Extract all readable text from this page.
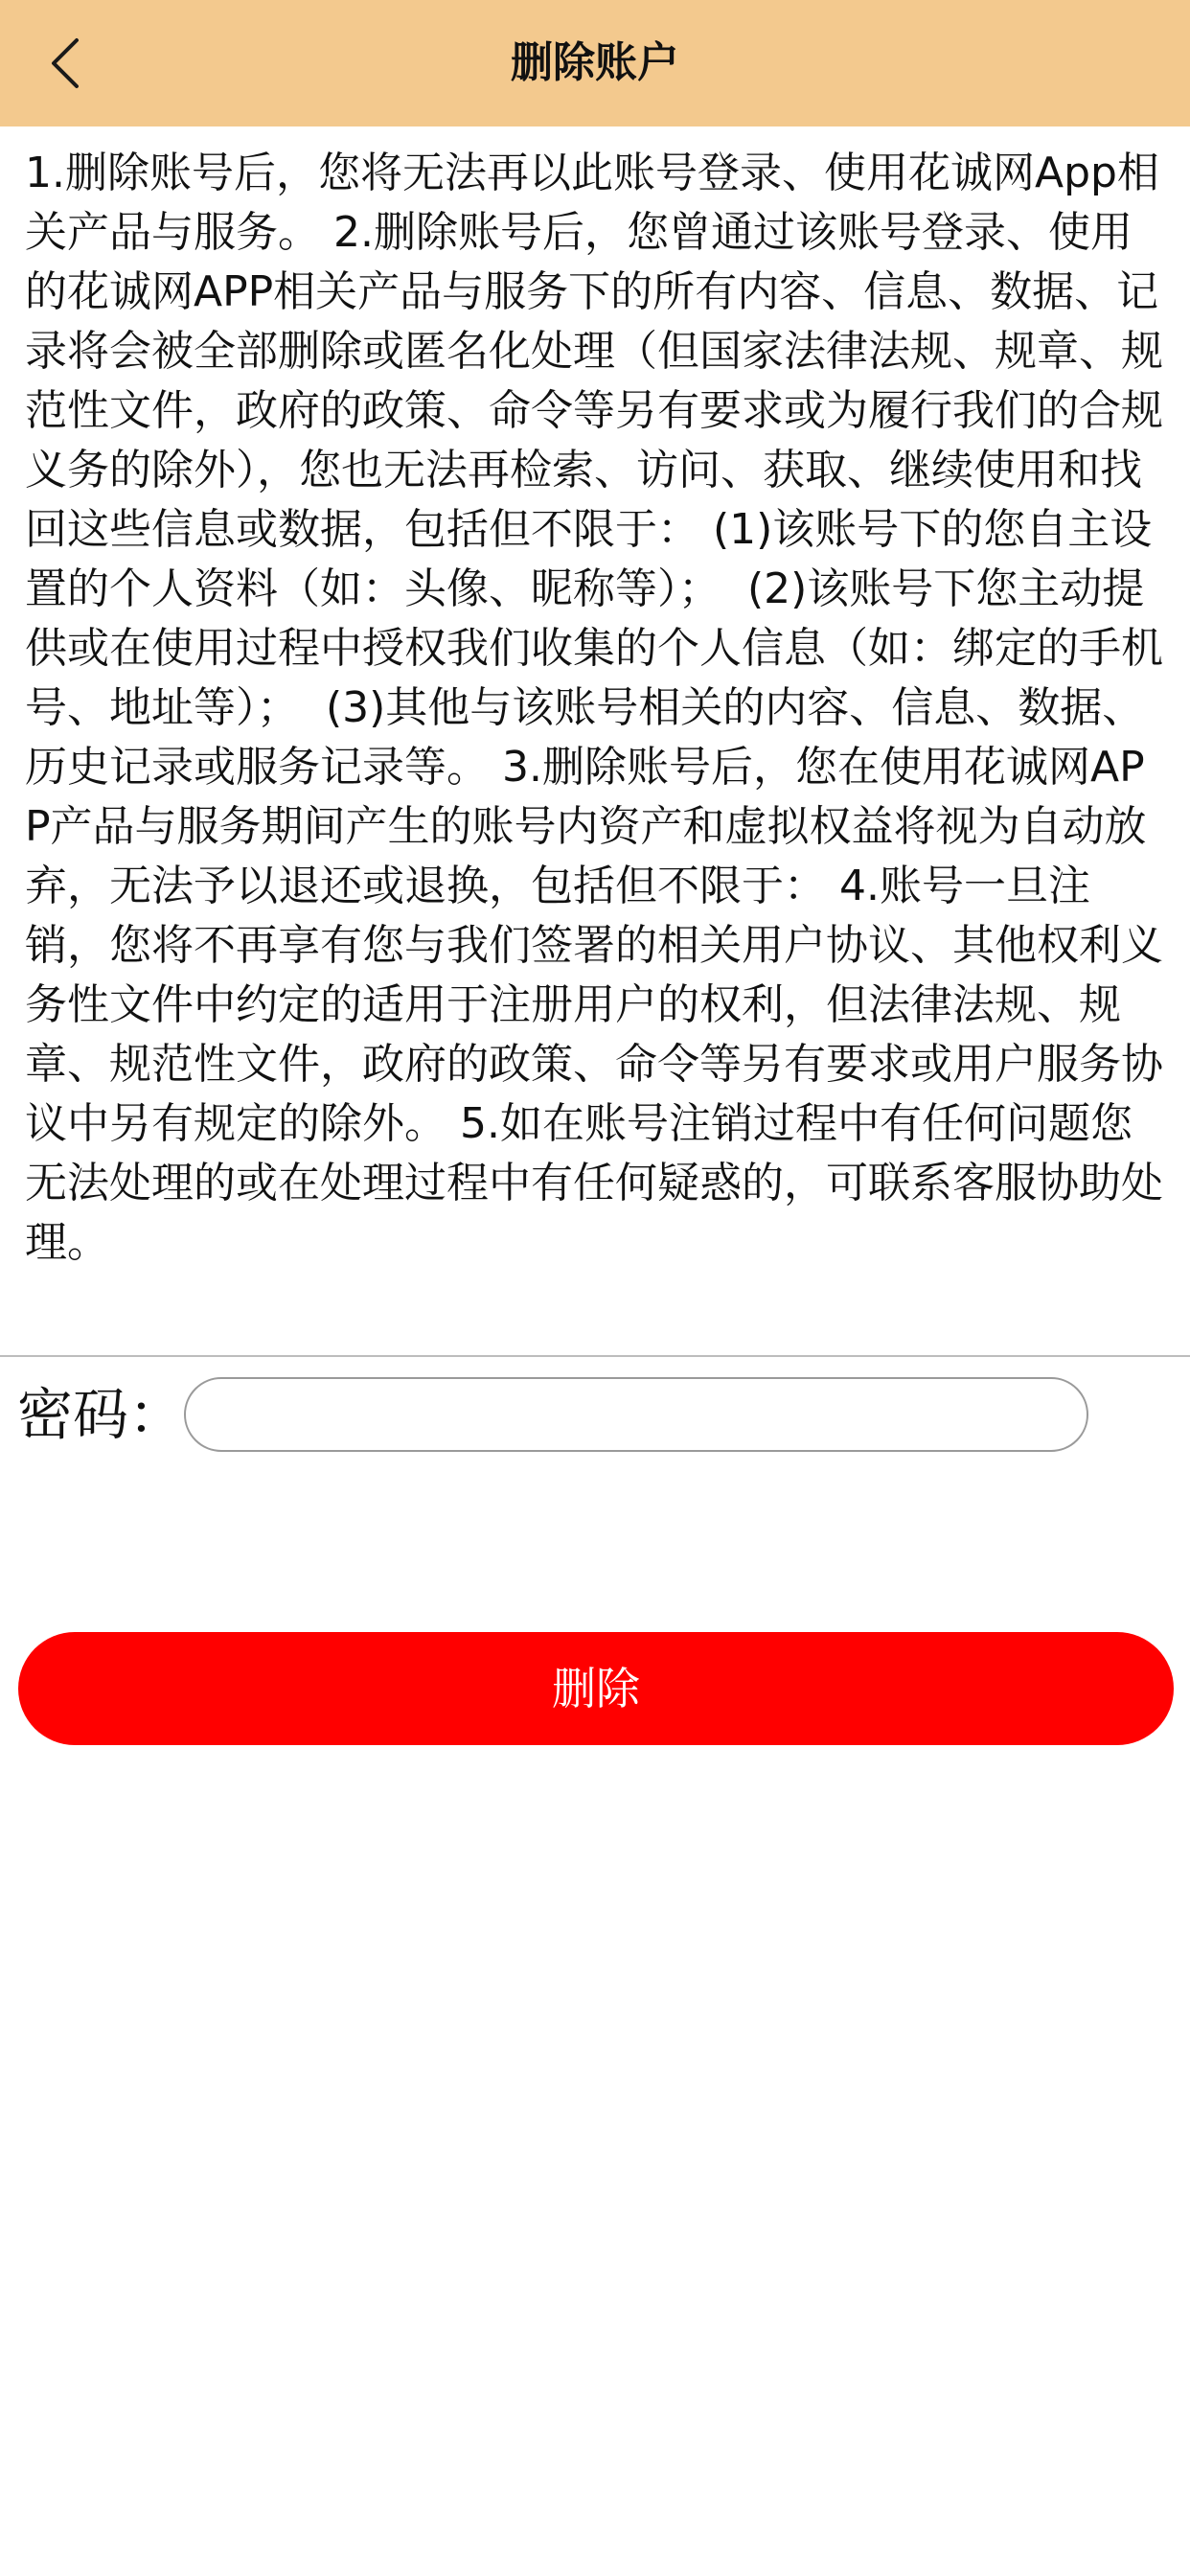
删除账户
1.删除账号后，您将无法再以此账号登录、使用花诚网App相关产品与服务。 2.删除账号后，您曾通过该账号登录、使用的花诚网APP相关产品与服务下的所有内容、信息、数据、记录将会被全部删除或匿名化处理（但国家法律法规、规章、规范性文件，政府的政策、命令等另有要求或为履行我们的合规义务的除外），您也无法再检索、访问、获取、继续使用和找回这些信息或数据，包括但不限于： (1)该账号下的您自主设置的个人资料（如：头像、昵称等）；  (2)该账号下您主动提供或在使用过程中授权我们收集的个人信息（如：绑定的手机号、地址等）；  (3)其他与该账号相关的内容、信息、数据、历史记录或服务记录等。 3.删除账号后，您在使用花诚网APP产品与服务期间产生的账号内资产和虚拟权益将视为自动放弃，无法予以退还或退换，包括但不限于： 4.账号一旦注销，您将不再享有您与我们签署的相关用户协议、其他权利义务性文件中约定的适用于注册用户的权利，但法律法规、规章、规范性文件，政府的政策、命令等另有要求或用户服务协议中另有规定的除外。 5.如在账号注销过程中有任何问题您无法处理的或在处理过程中有任何疑惑的，可联系客服协助处理。
密码：
删除
